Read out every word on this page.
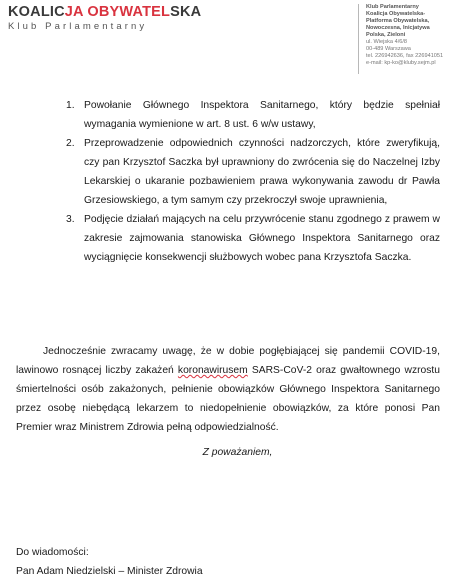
KOALICJA OBYWATELSKA
Klub Parlamentarny
Klub Parlamentarny
Koalicja Obywatelska-
Platforma Obywatelska,
Nowoczesna, Inicjatywa
Polska, Zieloni
ul. Wiejska 4/6/8
00-489 Warszawa
tel. 226942636, fax 226941051
e-mail: kp-ko@kluby.sejm.pl
1. Powołanie Głównego Inspektora Sanitarnego, który będzie spełniał wymagania wymienione w art. 8 ust. 6 w/w ustawy,
2. Przeprowadzenie odpowiednich czynności nadzorczych, które zweryfikują, czy pan Krzysztof Saczka był uprawniony do zwrócenia się do Naczelnej Izby Lekarskiej o ukaranie pozbawieniem prawa wykonywania zawodu dr Pawła Grzesiowskiego, a tym samym czy przekroczył swoje uprawnienia,
3. Podjęcie działań mających na celu przywrócenie stanu zgodnego z prawem w zakresie zajmowania stanowiska Głównego Inspektora Sanitarnego oraz wyciągnięcie konsekwencji służbowych wobec pana Krzysztofa Saczka.

Jednocześnie zwracamy uwagę, że w dobie pogłębiającej się pandemii COVID-19, lawinowo rosnącej liczby zakażeń koronawirusem SARS-CoV-2 oraz gwałtownego wzrostu śmiertelności osób zakażonych, pełnienie obowiązków Głównego Inspektora Sanitarnego przez osobę niebędącą lekarzem to niedopełnienie obowiązków, za które ponosi Pan Premier wraz Ministrem Zdrowia pełną odpowiedzialność.

Z poważaniem,
Do wiadomości:
Pan Adam Niedzielski – Minister Zdrowia
